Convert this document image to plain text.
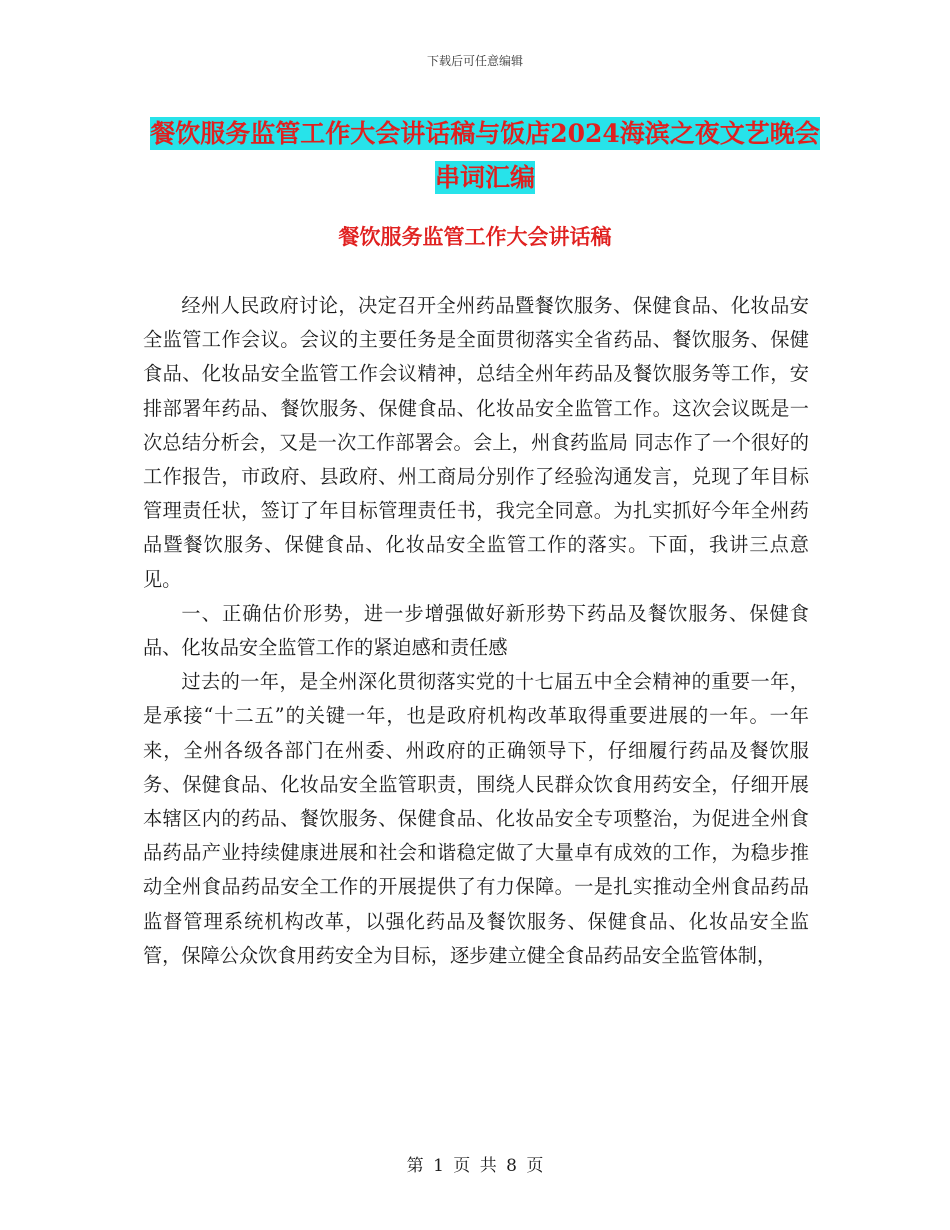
下载后可任意编辑
餐饮服务监管工作大会讲话稿与饭店2024海滨之夜文艺晚会串词汇编
餐饮服务监管工作大会讲话稿

经州人民政府讨论，决定召开全州药品暨餐饮服务、保健食品、化妆品安全监管工作会议。会议的主要任务是全面贯彻落实全省药品、餐饮服务、保健食品、化妆品安全监管工作会议精神，总结全州年药品及餐饮服务等工作，安排部署年药品、餐饮服务、保健食品、化妆品安全监管工作。这次会议既是一次总结分析会，又是一次工作部署会。会上，州食药监局 同志作了一个很好的工作报告，市政府、县政府、州工商局分别作了经验沟通发言，兑现了年目标管理责任状，签订了年目标管理责任书，我完全同意。为扎实抓好今年全州药品暨餐饮服务、保健食品、化妆品安全监管工作的落实。下面，我讲三点意见。

一、正确估价形势，进一步增强做好新形势下药品及餐饮服务、保健食品、化妆品安全监管工作的紧迫感和责任感

过去的一年，是全州深化贯彻落实党的十七届五中全会精神的重要一年，是承接“十二五”的关键一年，也是政府机构改革取得重要进展的一年。一年来，全州各级各部门在州委、州政府的正确领导下，仔细履行药品及餐饮服务、保健食品、化妆品安全监管职责，围绕人民群众饮食用药安全，仔细开展本辖区内的药品、餐饮服务、保健食品、化妆品安全专项整治，为促进全州食品药品产业持续健康进展和社会和谐稳定做了大量卓有成效的工作，为稳步推动全州食品药品安全工作的开展提供了有力保障。一是扎实推动全州食品药品监督管理系统机构改革，以强化药品及餐饮服务、保健食品、化妆品安全监管，保障公众饮食用药安全为目标，逐步建立健全食品药品安全监管体制，

第 1 页 共 8 页
